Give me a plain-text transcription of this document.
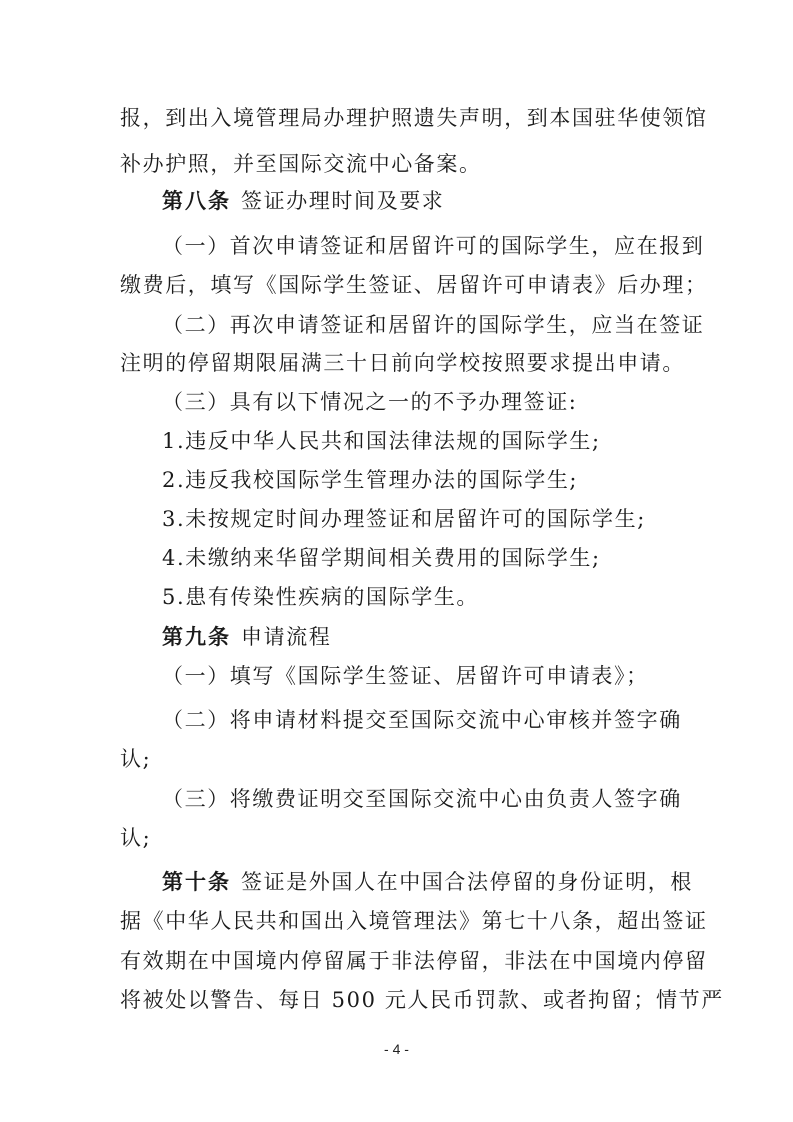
报，到出入境管理局办理护照遗失声明，到本国驻华使领馆
补办护照，并至国际交流中心备案。
第八条 签证办理时间及要求
（一）首次申请签证和居留许可的国际学生，应在报到
缴费后，填写《国际学生签证、居留许可申请表》后办理；
（二）再次申请签证和居留许的国际学生，应当在签证
注明的停留期限届满三十日前向学校按照要求提出申请。
（三）具有以下情况之一的不予办理签证:
1.违反中华人民共和国法律法规的国际学生;
2.违反我校国际学生管理办法的国际学生;
3.未按规定时间办理签证和居留许可的国际学生;
4.未缴纳来华留学期间相关费用的国际学生;
5.患有传染性疾病的国际学生。
第九条 申请流程
（一）填写《国际学生签证、居留许可申请表》；
（二）将申请材料提交至国际交流中心审核并签字确
认;
（三）将缴费证明交至国际交流中心由负责人签字确
认;
第十条 签证是外国人在中国合法停留的身份证明，根
据《中华人民共和国出入境管理法》第七十八条，超出签证
有效期在中国境内停留属于非法停留，非法在中国境内停留
将被处以警告、每日 500 元人民币罚款、或者拘留；情节严
- 4 -
